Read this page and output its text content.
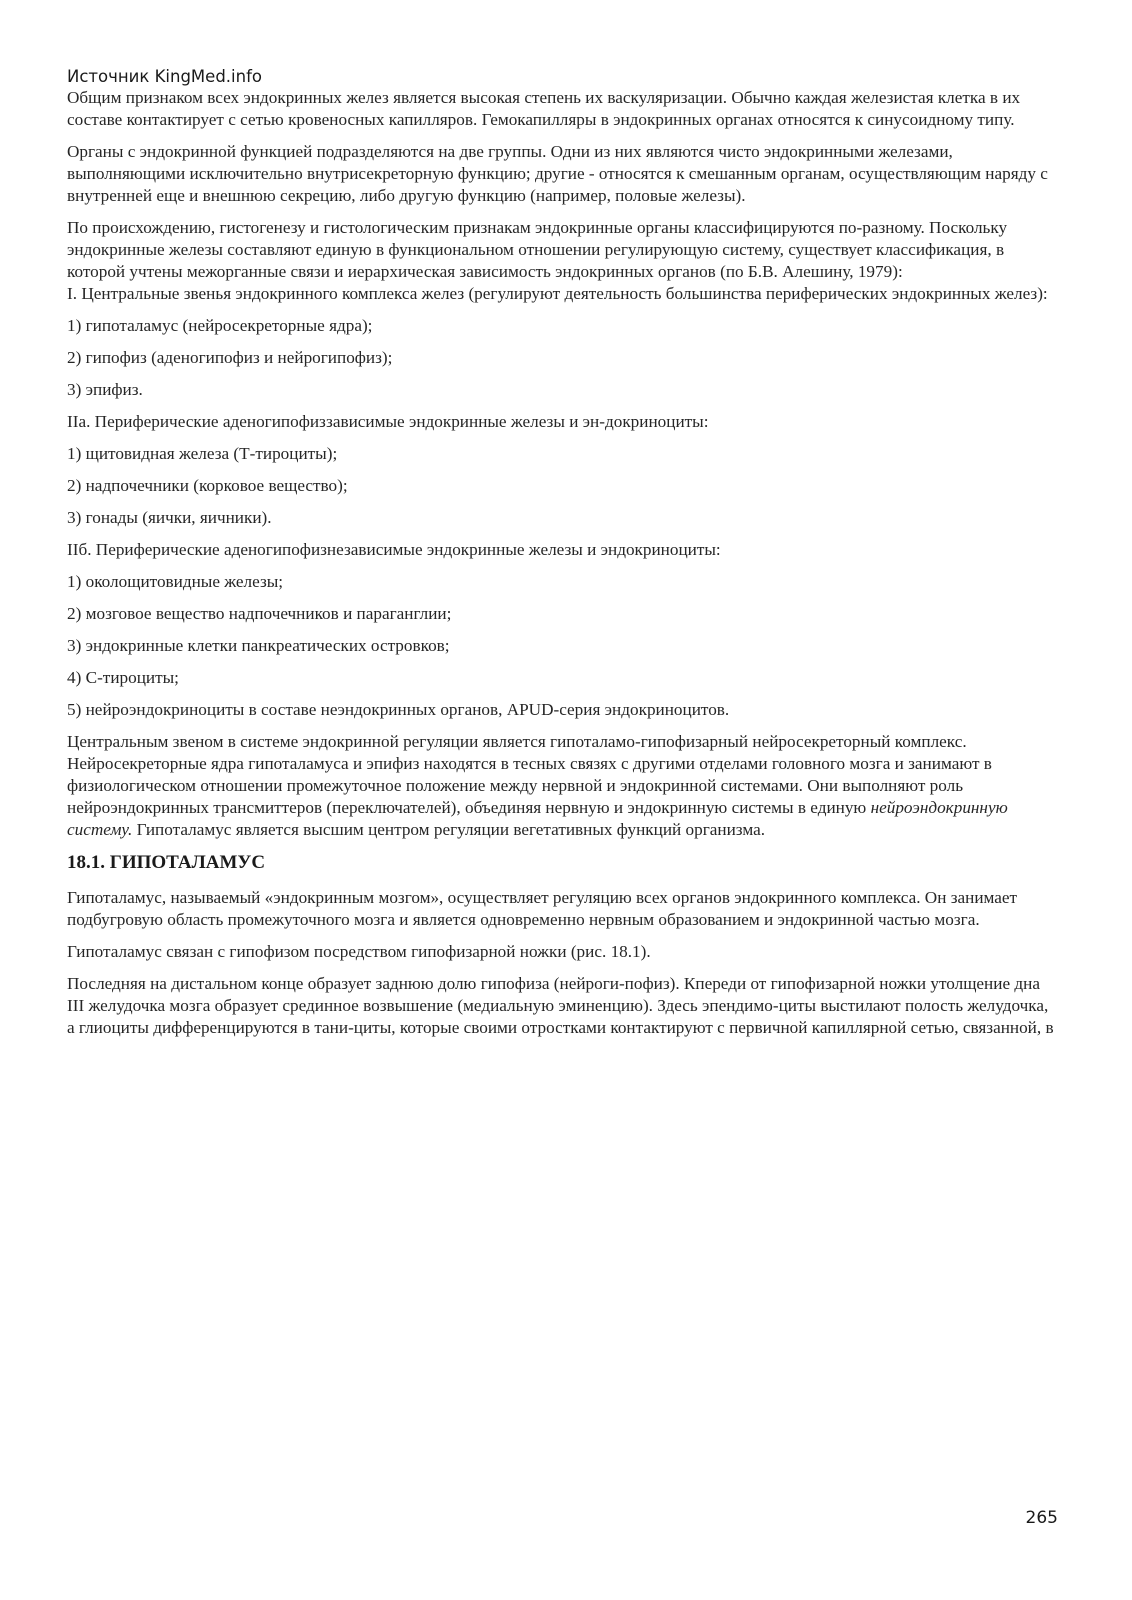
Источник KingMed.info

Общим признаком всех эндокринных желез является высокая степень их васкуляризации. Обычно каждая железистая клетка в их составе контактирует с сетью кровеносных капилляров. Гемокапилляры в эндокринных органах относятся к синусоидному типу.

Органы с эндокринной функцией подразделяются на две группы. Одни из них являются чисто эндокринными железами, выполняющими исключительно внутрисекреторную функцию; другие - относятся к смешанным органам, осуществляющим наряду с внутренней еще и внешнюю секрецию, либо другую функцию (например, половые железы).

По происхождению, гистогенезу и гистологическим признакам эндокринные органы классифицируются по-разному. Поскольку эндокринные железы составляют единую в функциональном отношении регулирующую систему, существует классификация, в которой учтены межорганные связи и иерархическая зависимость эндокринных органов (по Б.В. Алешину, 1979):

I. Центральные звенья эндокринного комплекса желез (регулируют деятельность большинства периферических эндокринных желез):

1) гипоталамус (нейросекреторные ядра);

2) гипофиз (аденогипофиз и нейрогипофиз);

3) эпифиз.

IIa. Периферические аденогипофиззависимые эндокринные железы и эн-докриноциты:

1) щитовидная железа (Т-тироциты);

2) надпочечники (корковое вещество);

3) гонады (яички, яичники).

IIб. Периферические аденогипофизнезависимые эндокринные железы и эндокриноциты:

1) околощитовидные железы;

2) мозговое вещество надпочечников и параганглии;

3) эндокринные клетки панкреатических островков;

4) С-тироциты;

5) нейроэндокриноциты в составе неэндокринных органов, APUD-серия эндокриноцитов.

Центральным звеном в системе эндокринной регуляции является гипоталамо-гипофизарный нейросекреторный комплекс. Нейросекреторные ядра гипоталамуса и эпифиз находятся в тесных связях с другими отделами головного мозга и занимают в физиологическом отношении промежуточное положение между нервной и эндокринной системами. Они выполняют роль нейроэндокринных трансмиттеров (переключателей), объединяя нервную и эндокринную системы в единую нейроэндокринную систему. Гипоталамус является высшим центром регуляции вегетативных функций организма.

18.1. ГИПОТАЛАМУС

Гипоталамус, называемый «эндокринным мозгом», осуществляет регуляцию всех органов эндокринного комплекса. Он занимает подбугровую область промежуточного мозга и является одновременно нервным образованием и эндокринной частью мозга.

Гипоталамус связан с гипофизом посредством гипофизарной ножки (рис. 18.1).

Последняя на дистальном конце образует заднюю долю гипофиза (нейроги-пофиз). Кпереди от гипофизарной ножки утолщение дна III желудочка мозга образует срединное возвышение (медиальную эминенцию). Здесь эпендимо-циты выстилают полость желудочка, а глиоциты дифференцируются в тани-циты, которые своими отростками контактируют с первичной капиллярной сетью, связанной, в

265
